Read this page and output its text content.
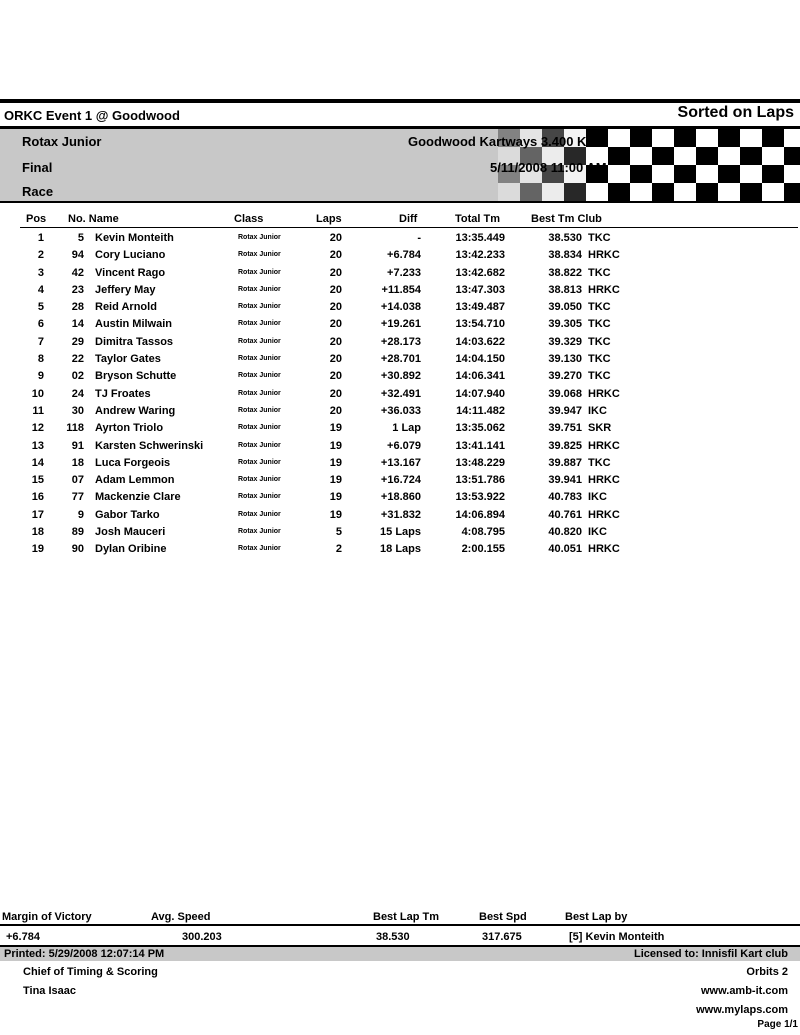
ORKC Event 1 @ Goodwood	Sorted on Laps
Rotax Junior
Final
Race
Goodwood Kartways 3.400 Km
5/11/2008 11:00 AM
Pos No. Name	Class	Laps	Diff	Total Tm	Best Tm Club
1	5 Kevin Monteith	Rotax Junior	20	-	13:35.449	38.530 TKC
2	94 Cory Luciano	Rotax Junior	20	+6.784	13:42.233	38.834 HRKC
3	42 Vincent Rago	Rotax Junior	20	+7.233	13:42.682	38.822 TKC
4	23 Jeffery May	Rotax Junior	20	+11.854	13:47.303	38.813 HRKC
5	28 Reid Arnold	Rotax Junior	20	+14.038	13:49.487	39.050 TKC
6	14 Austin Milwain	Rotax Junior	20	+19.261	13:54.710	39.305 TKC
7	29 Dimitra Tassos	Rotax Junior	20	+28.173	14:03.622	39.329 TKC
8	22 Taylor Gates	Rotax Junior	20	+28.701	14:04.150	39.130 TKC
9	02 Bryson Schutte	Rotax Junior	20	+30.892	14:06.341	39.270 TKC
10	24 TJ Froates	Rotax Junior	20	+32.491	14:07.940	39.068 HRKC
11	30 Andrew Waring	Rotax Junior	20	+36.033	14:11.482	39.947 IKC
12	118 Ayrton Triolo	Rotax Junior	19	1 Lap	13:35.062	39.751 SKR
13	91 Karsten Schwerinski	Rotax Junior	19	+6.079	13:41.141	39.825 HRKC
14	18 Luca Forgeois	Rotax Junior	19	+13.167	13:48.229	39.887 TKC
15	07 Adam Lemmon	Rotax Junior	19	+16.724	13:51.786	39.941 HRKC
16	77 Mackenzie Clare	Rotax Junior	19	+18.860	13:53.922	40.783 IKC
17	9 Gabor Tarko	Rotax Junior	19	+31.832	14:06.894	40.761 HRKC
18	89 Josh Mauceri	Rotax Junior	5	15 Laps	4:08.795	40.820 IKC
19	90 Dylan Oribine	Rotax Junior	2	18 Laps	2:00.155	40.051 HRKC
Margin of Victory	Avg. Speed	Best Lap Tm	Best Spd	Best Lap by
+6.784	300.203	38.530	317.675	[5] Kevin Monteith
Printed: 5/29/2008 12:07:14 PM	Licensed to: Innisfil Kart club
Chief of Timing & Scoring
Tina Isaac
Orbits 2
www.amb-it.com
www.mylaps.com
Page 1/1
